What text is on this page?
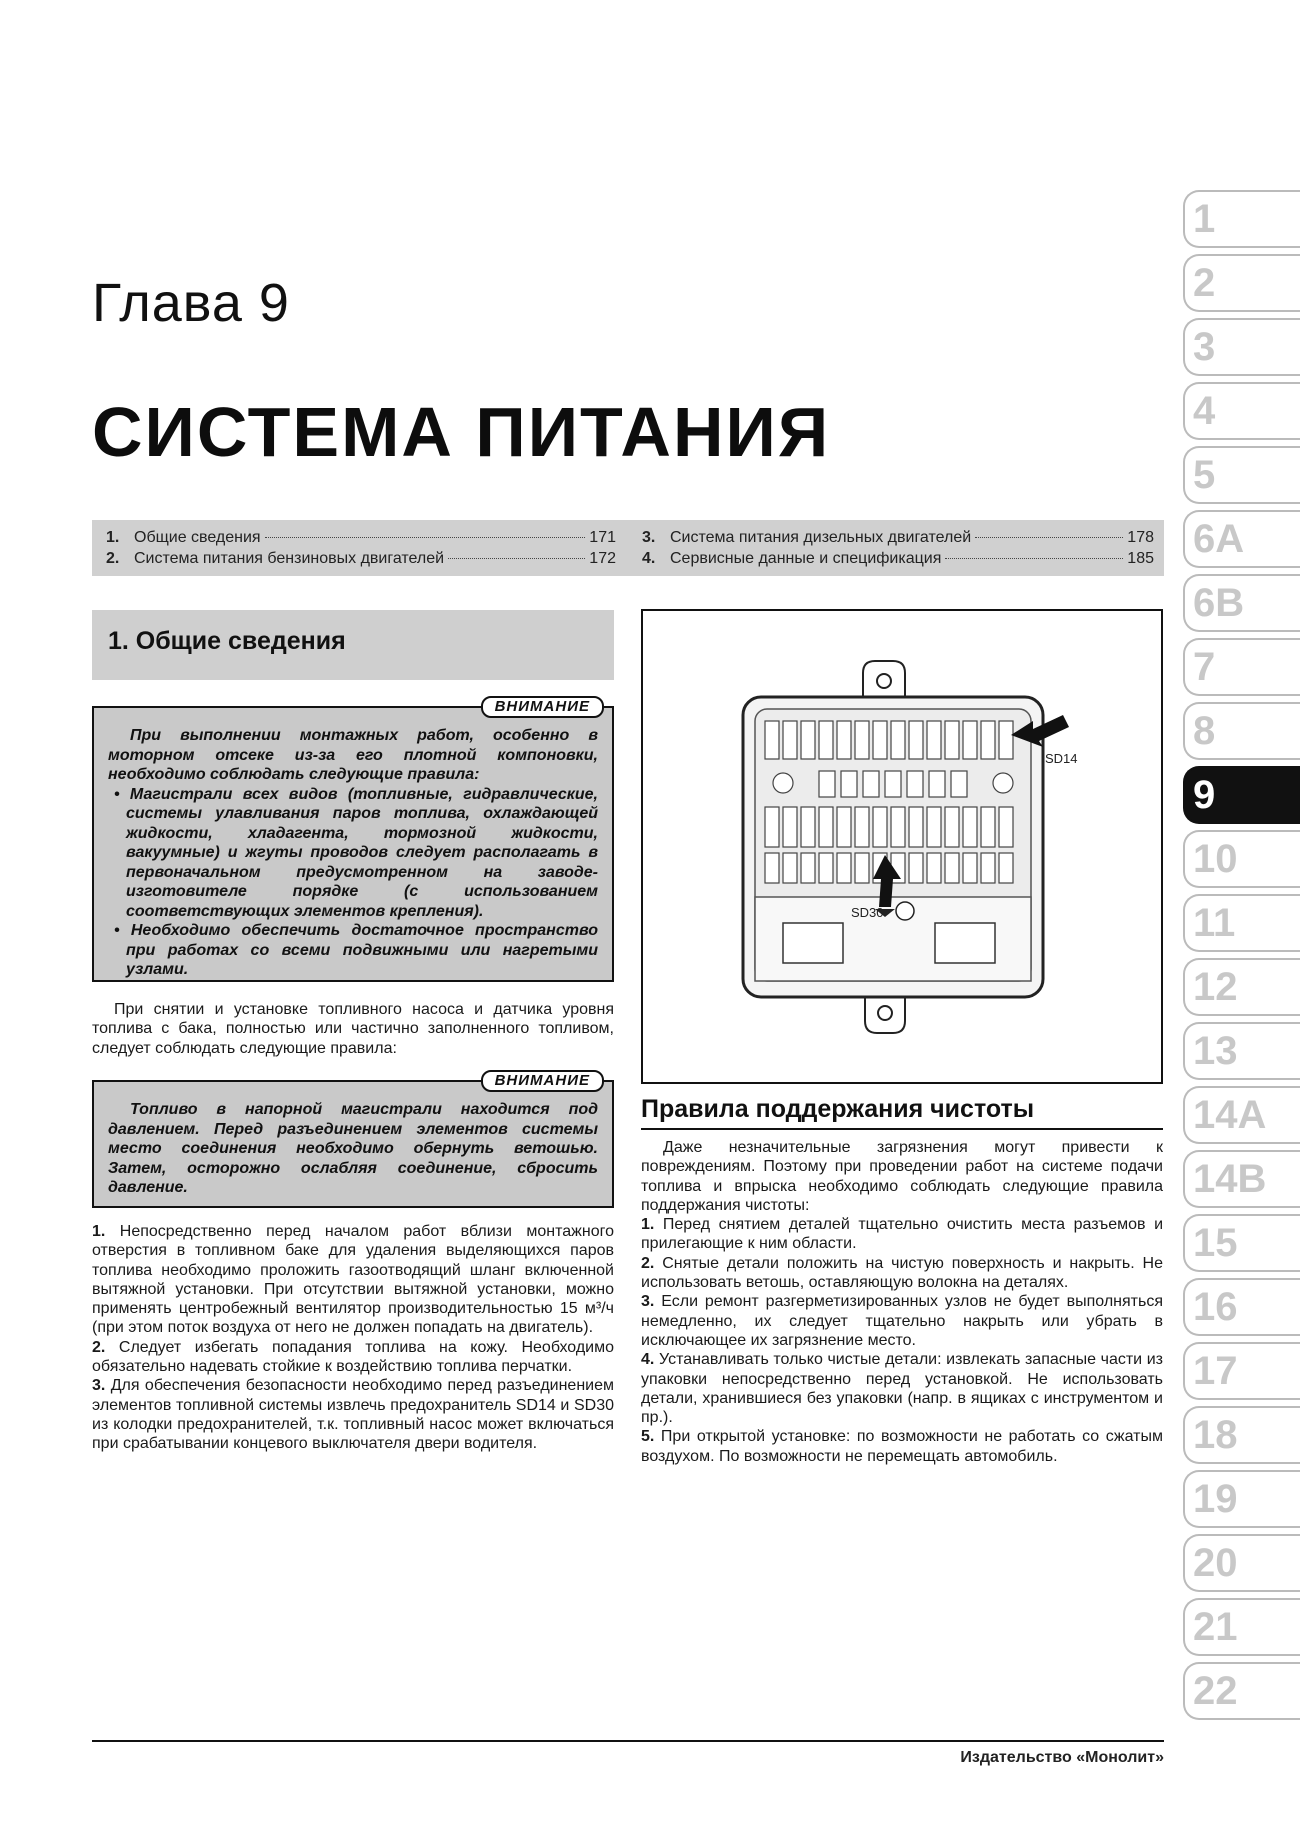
Глава 9
СИСТЕМА ПИТАНИЯ
1. Общие сведения	171
2. Система питания бензиновых двигателей	172
3. Система питания дизельных двигателей	178
4. Сервисные данные и спецификация	185
1. Общие сведения
ВНИМАНИЕ

При выполнении монтажных работ, особенно в моторном отсеке из-за его плотной компоновки, необходимо соблюдать следующие правила:

• Магистрали всех видов (топливные, гидравлические, системы улавливания паров топлива, охлаждающей жидкости, хладагента, тормозной жидкости, вакуумные) и жгуты проводов следует располагать в первоначальном предусмотренном на заводе-изготовителе порядке (с использованием соответствующих элементов крепления).

• Необходимо обеспечить достаточное пространство при работах со всеми подвижными или нагретыми узлами.

При снятии и установке топливного насоса и датчика уровня топлива с бака, полностью или частично заполненного топливом, следует соблюдать следующие правила:

ВНИМАНИЕ

Топливо в напорной магистрали находится под давлением. Перед разъединением элементов системы место соединения необходимо обернуть ветошью. Затем, осторожно ослабляя соединение, сбросить давление.

1. Непосредственно перед началом работ вблизи монтажного отверстия в топливном баке для удаления выделяющихся паров топлива необходимо проложить газоотводящий шланг включенной вытяжной установки. При отсутствии вытяжной установки, можно применять центробежный вентилятор производительностью 15 м³/ч (при этом поток воздуха от него не должен попадать на двигатель).

2. Следует избегать попадания топлива на кожу. Необходимо обязательно надевать стойкие к воздействию топлива перчатки.

3. Для обеспечения безопасности необходимо перед разъединением элементов топливной системы извлечь предохранитель SD14 и SD30 из колодки предохранителей, т.к. топливный насос может включаться при срабатывании концевого выключателя двери водителя.

SD14
SD30
Правила поддержания чистоты

Даже незначительные загрязнения могут привести к повреждениям. Поэтому при проведении работ на системе подачи топлива и впрыска необходимо соблюдать следующие правила поддержания чистоты:

1. Перед снятием деталей тщательно очистить места разъемов и прилегающие к ним области.

2. Снятые детали положить на чистую поверхность и накрыть. Не использовать ветошь, оставляющую волокна на деталях.

3. Если ремонт разгерметизированных узлов не будет выполняться немедленно, их следует тщательно накрыть или убрать в исключающее их загрязнение место.

4. Устанавливать только чистые детали: извлекать запасные части из упаковки непосредственно перед установкой. Не использовать детали, хранившиеся без упаковки (напр. в ящиках с инструментом и пр.).

5. При открытой установке: по возможности не работать со сжатым воздухом. По возможности не перемещать автомобиль.

1
2
3
4
5
6A
6B
7
8
9
10
11
12
13
14A
14B
15
16
17
18
19
20
21
22
Издательство «Монолит»
